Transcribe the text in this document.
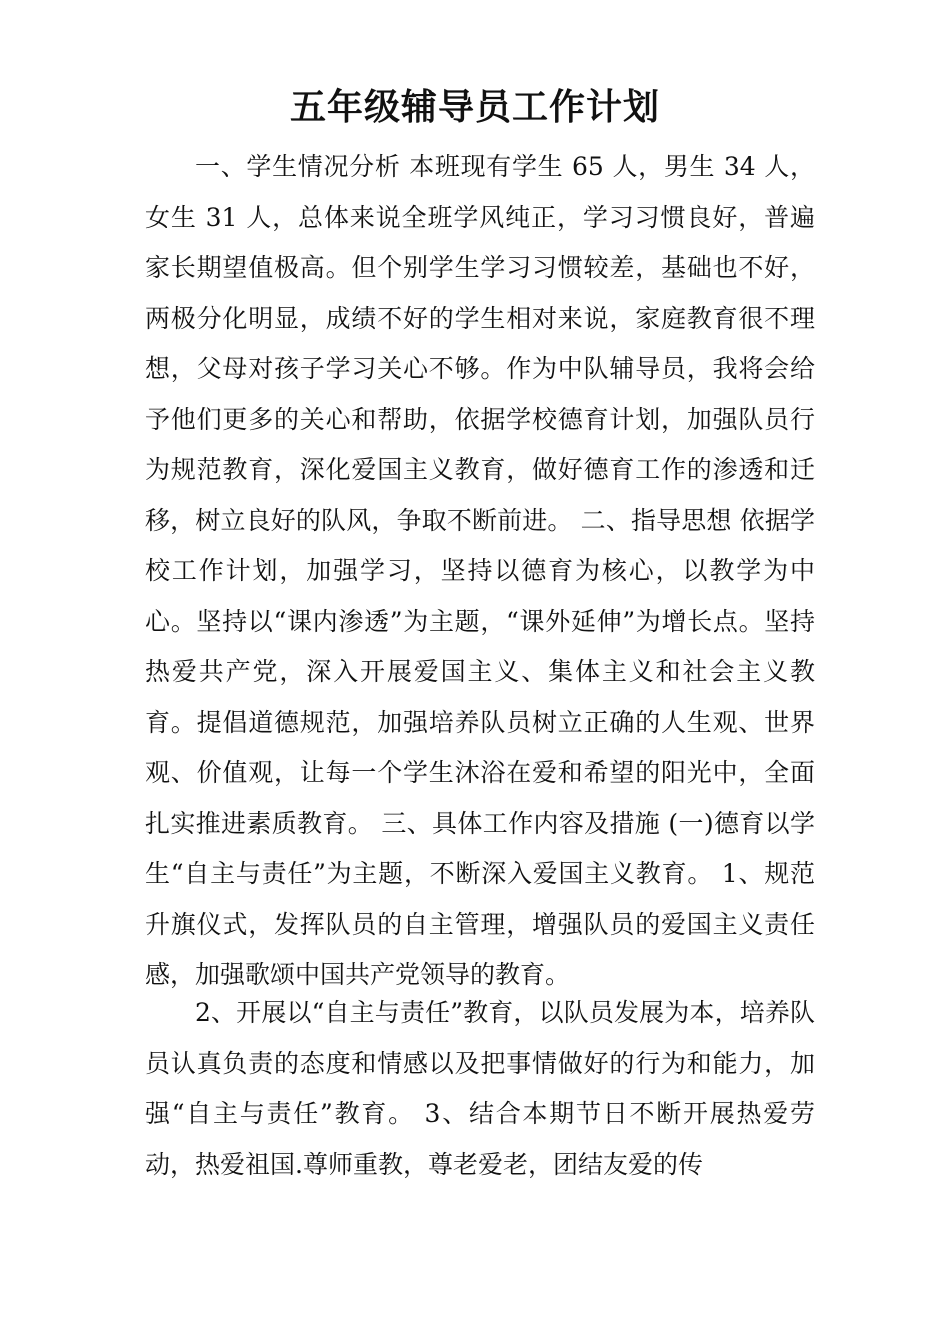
五年级辅导员工作计划

一、学生情况分析 本班现有学生 65 人，男生 34 人，女生 31 人，总体来说全班学风纯正，学习习惯良好，普遍家长期望值极高。但个别学生学习习惯较差，基础也不好，两极分化明显，成绩不好的学生相对来说，家庭教育很不理想，父母对孩子学习关心不够。作为中队辅导员，我将会给予他们更多的关心和帮助，依据学校德育计划，加强队员行为规范教育，深化爱国主义教育，做好德育工作的渗透和迁移，树立良好的队风，争取不断前进。 二、指导思想 依据学校工作计划，加强学习，坚持以德育为核心，以教学为中心。坚持以“课内渗透”为主题，“课外延伸”为增长点。坚持热爱共产党，深入开展爱国主义、集体主义和社会主义教育。提倡道德规范，加强培养队员树立正确的人生观、世界观、价值观，让每一个学生沐浴在爱和希望的阳光中，全面扎实推进素质教育。 三、具体工作内容及措施 (一)德育以学生“自主与责任”为主题，不断深入爱国主义教育。 1、规范升旗仪式，发挥队员的自主管理，增强队员的爱国主义责任感，加强歌颂中国共产党领导的教育。

2、开展以“自主与责任”教育，以队员发展为本，培养队员认真负责的态度和情感以及把事情做好的行为和能力，加强“自主与责任”教育。 3、结合本期节日不断开展热爱劳动，热爱祖国.尊师重教，尊老爱老，团结友爱的传
